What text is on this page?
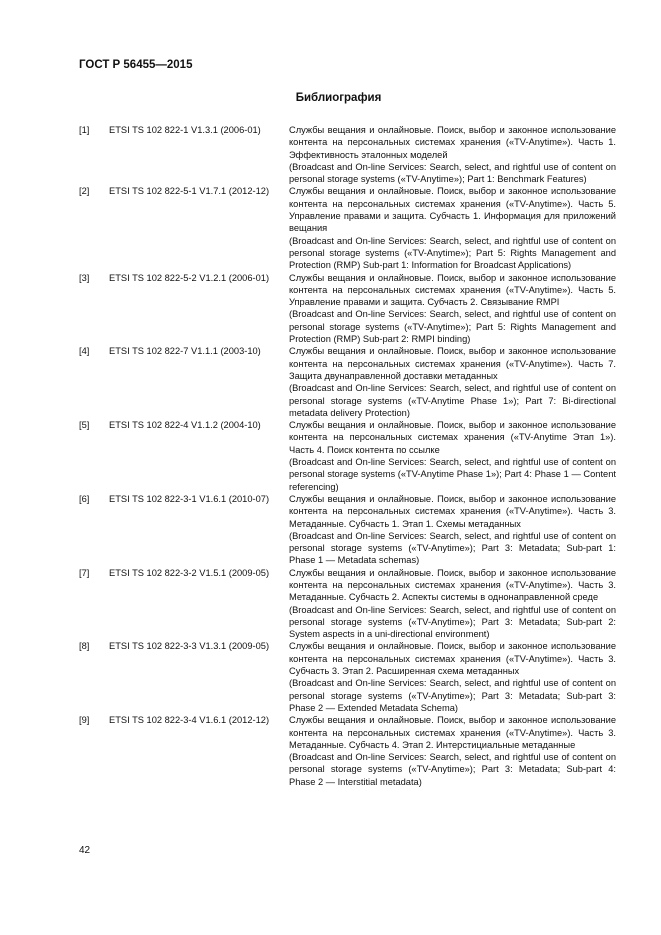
ГОСТ Р 56455—2015
Библиография
[1]	ETSI TS 102 822-1 V1.3.1 (2006-01)	Службы вещания и онлайновые. Поиск, выбор и законное использование контента на персональных системах хранения («TV-Anytime»). Часть 1. Эффективность эталонных моделей
(Broadcast and On-line Services: Search, select, and rightful use of content on personal storage systems («TV-Anytime»); Part 1: Benchmark Features)
[2]	ETSI TS 102 822-5-1 V1.7.1 (2012-12)	Службы вещания и онлайновые. Поиск, выбор и законное использование контента на персональных системах хранения («TV-Anytime»). Часть 5. Управление правами и защита. Субчасть 1. Информация для приложений вещания
(Broadcast and On-line Services: Search, select, and rightful use of content on personal storage systems («TV-Anytime»); Part 5: Rights Management and Protection (RMP) Sub-part 1: Information for Broadcast Applications)
[3]	ETSI TS 102 822-5-2 V1.2.1 (2006-01)	Службы вещания и онлайновые. Поиск, выбор и законное использование контента на персональных системах хранения («TV-Anytime»). Часть 5. Управление правами и защита. Субчасть 2. Связывание RMPI
(Broadcast and On-line Services: Search, select, and rightful use of content on personal storage systems («TV-Anytime»); Part 5: Rights Management and Protection (RMP) Sub-part 2: RMPI binding)
[4]	ETSI TS 102 822-7 V1.1.1 (2003-10)	Службы вещания и онлайновые. Поиск, выбор и законное использование контента на персональных системах хранения («TV-Anytime»). Часть 7. Защита двунаправленной доставки метаданных
(Broadcast and On-line Services: Search, select, and rightful use of content on personal storage systems («TV-Anytime Phase 1»); Part 7: Bi-directional metadata delivery Protection)
[5]	ETSI TS 102 822-4 V1.1.2 (2004-10)	Службы вещания и онлайновые. Поиск, выбор и законное использование контента на персональных системах хранения («TV-Anytime Этап 1»). Часть 4. Поиск контента по ссылке
(Broadcast and On-line Services: Search, select, and rightful use of content on personal storage systems («TV-Anytime Phase 1»); Part 4: Phase 1 — Content referencing)
[6]	ETSI TS 102 822-3-1 V1.6.1 (2010-07)	Службы вещания и онлайновые. Поиск, выбор и законное использование контента на персональных системах хранения («TV-Anytime»). Часть 3. Метаданные. Субчасть 1. Этап 1. Схемы метаданных
(Broadcast and On-line Services: Search, select, and rightful use of content on personal storage systems («TV-Anytime»); Part 3: Metadata; Sub-part 1: Phase 1 — Metadata schemas)
[7]	ETSI TS 102 822-3-2 V1.5.1 (2009-05)	Службы вещания и онлайновые. Поиск, выбор и законное использование контента на персональных системах хранения («TV-Anytime»). Часть 3. Метаданные. Субчасть 2. Аспекты системы в однонаправленной среде
(Broadcast and On-line Services: Search, select, and rightful use of content on personal storage systems («TV-Anytime»); Part 3: Metadata; Sub-part 2: System aspects in a uni-directional environment)
[8]	ETSI TS 102 822-3-3 V1.3.1 (2009-05)	Службы вещания и онлайновые. Поиск, выбор и законное использование контента на персональных системах хранения («TV-Anytime»). Часть 3. Субчасть 3. Этап 2. Расширенная схема метаданных
(Broadcast and On-line Services: Search, select, and rightful use of content on personal storage systems («TV-Anytime»); Part 3: Metadata; Sub-part 3: Phase 2 — Extended Metadata Schema)
[9]	ETSI TS 102 822-3-4 V1.6.1 (2012-12)	Службы вещания и онлайновые. Поиск, выбор и законное использование контента на персональных системах хранения («TV-Anytime»). Часть 3. Метаданные. Субчасть 4. Этап 2. Интерстициальные метаданные
(Broadcast and On-line Services: Search, select, and rightful use of content on personal storage systems («TV-Anytime»); Part 3: Metadata; Sub-part 4: Phase 2 — Interstitial metadata)
42
